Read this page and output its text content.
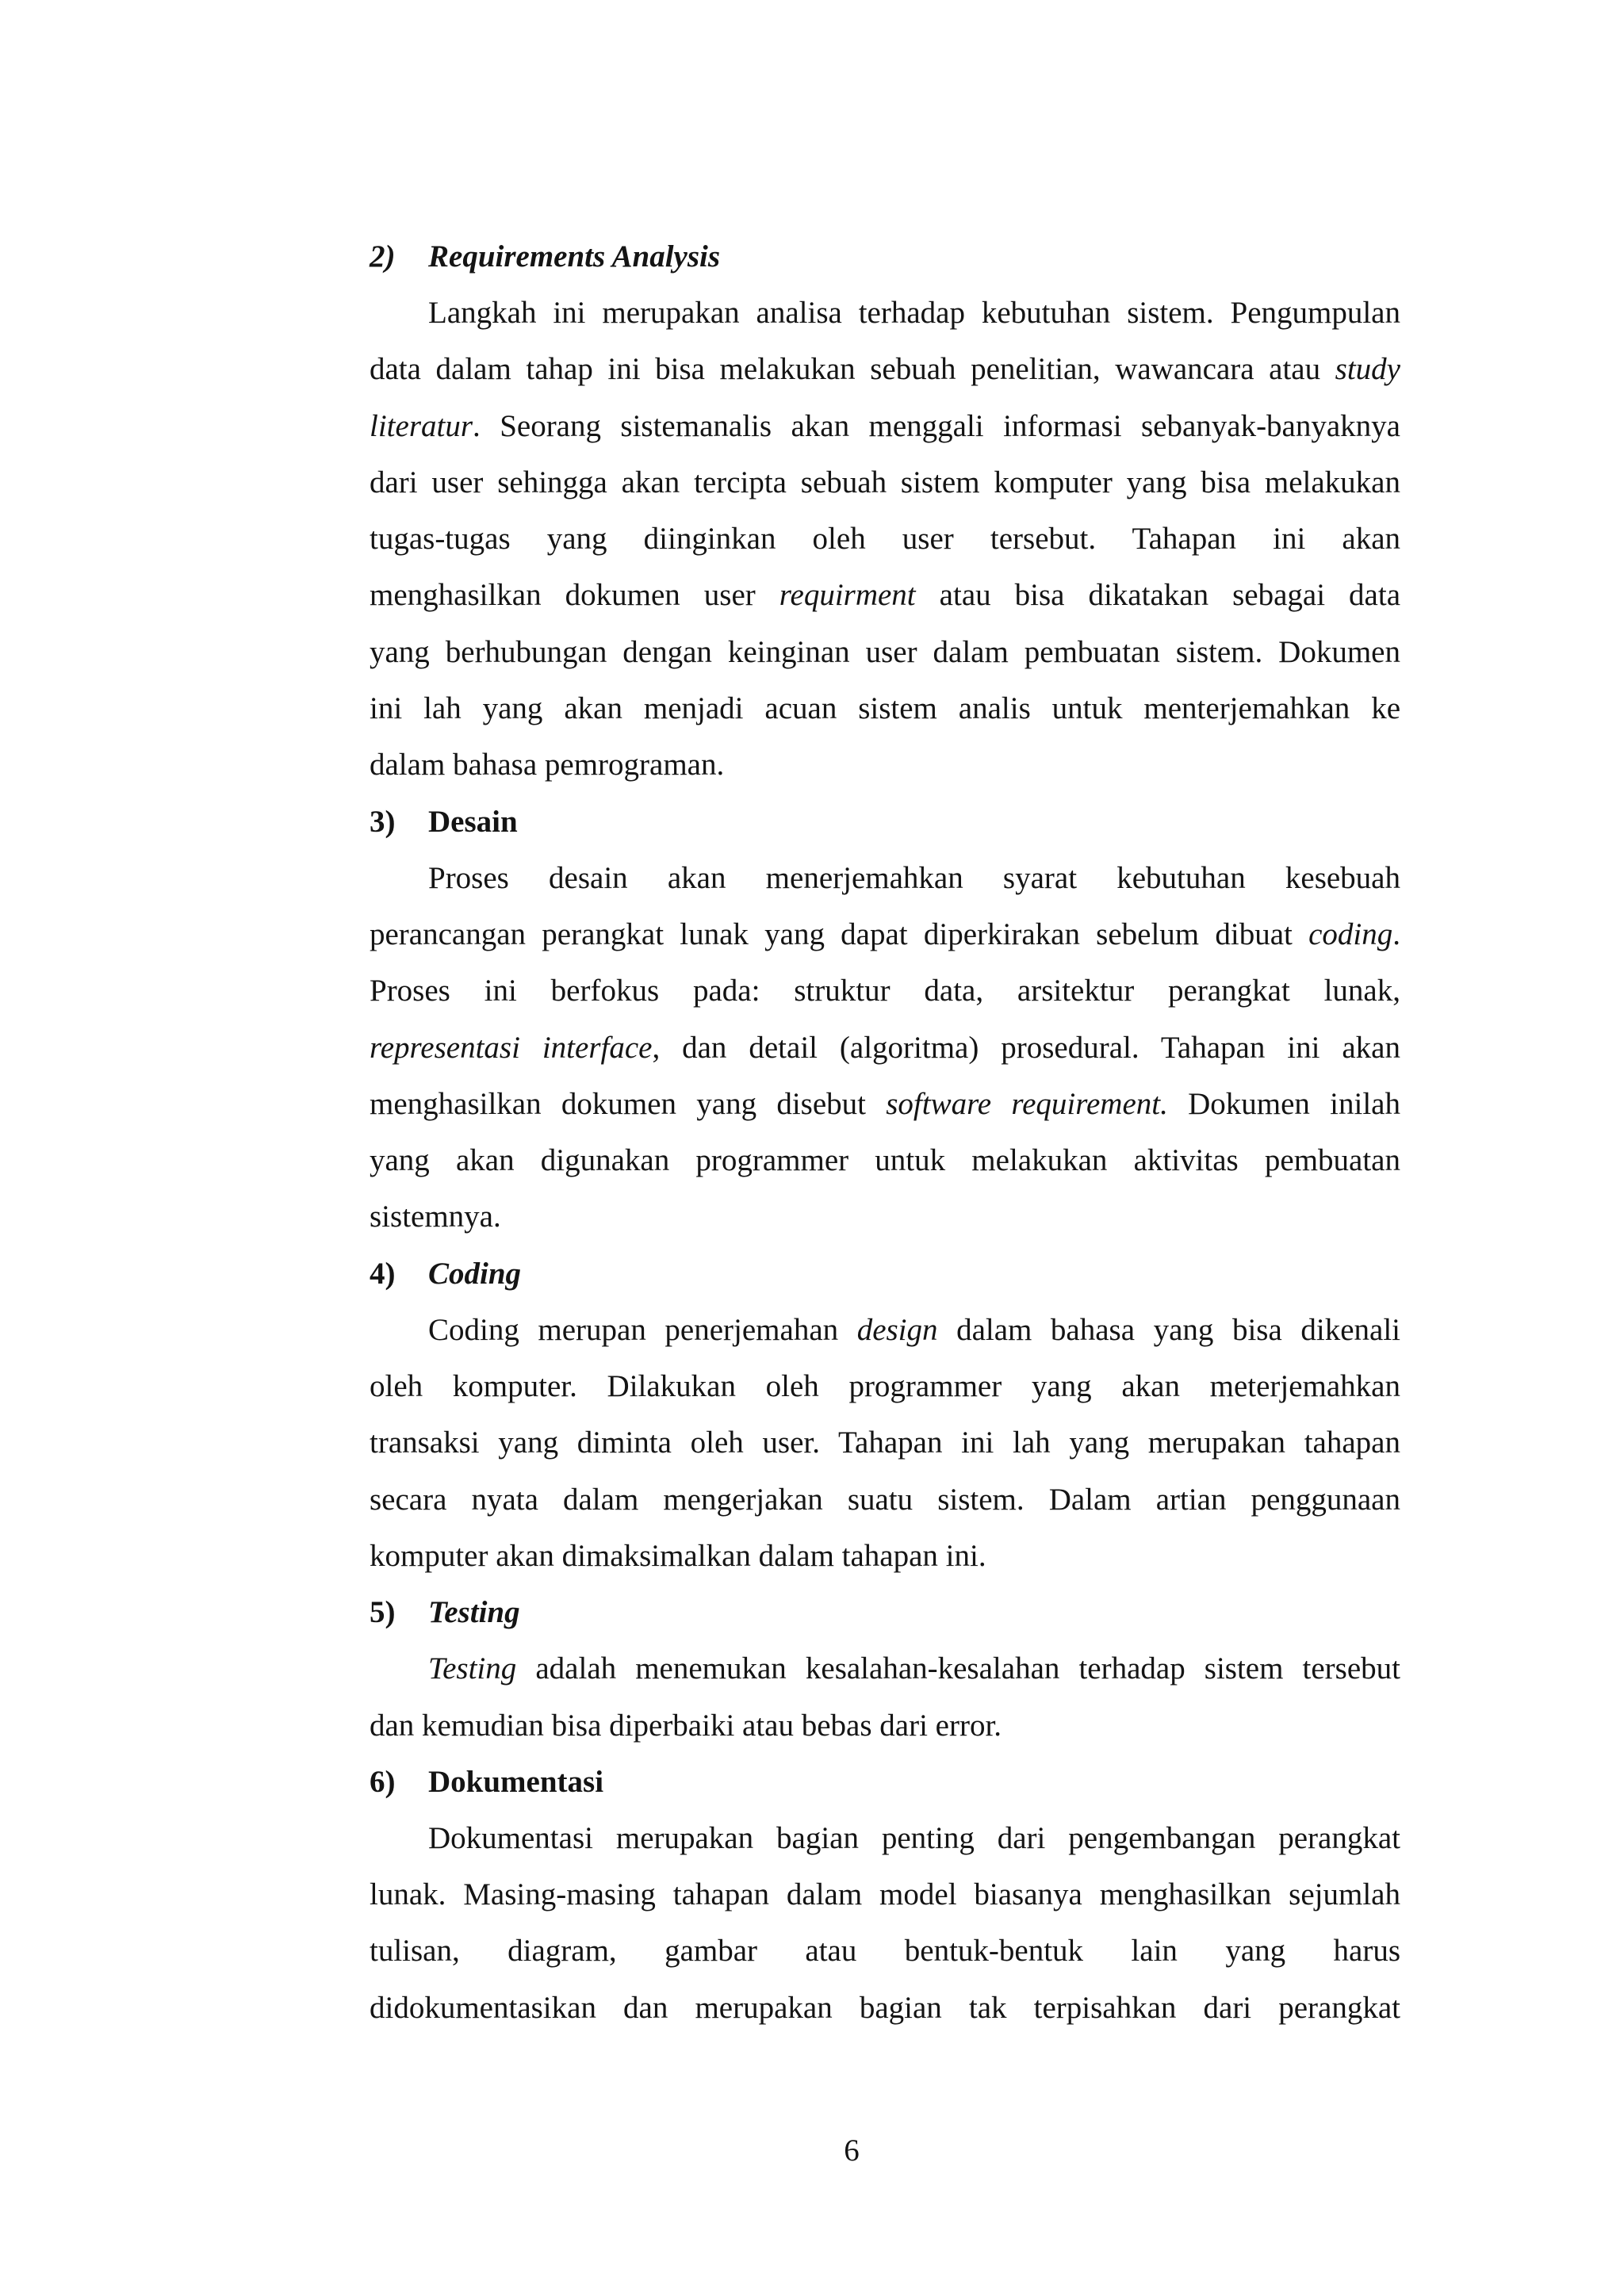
2)	Requirements Analysis
Langkah ini merupakan analisa terhadap kebutuhan sistem. Pengumpulan
data dalam tahap ini bisa melakukan sebuah penelitian, wawancara atau study
literatur. Seorang sistemanalis akan menggali informasi sebanyak-banyaknya
dari user sehingga akan tercipta sebuah sistem komputer yang bisa melakukan
tugas-tugas yang diinginkan oleh user tersebut. Tahapan ini akan
menghasilkan dokumen user requirment atau bisa dikatakan sebagai data
yang berhubungan dengan keinginan user dalam pembuatan sistem. Dokumen
ini lah yang akan menjadi acuan sistem analis untuk menterjemahkan ke
dalam bahasa pemrograman.
3)	Desain
Proses desain akan menerjemahkan syarat kebutuhan kesebuah
perancangan perangkat lunak yang dapat diperkirakan sebelum dibuat coding.
Proses ini berfokus pada: struktur data, arsitektur perangkat lunak,
representasi interface, dan detail (algoritma) prosedural. Tahapan ini akan
menghasilkan dokumen yang disebut software requirement. Dokumen inilah
yang akan digunakan programmer untuk melakukan aktivitas pembuatan
sistemnya.
4)	Coding
Coding merupan penerjemahan design dalam bahasa yang bisa dikenali
oleh komputer. Dilakukan oleh programmer yang akan meterjemahkan
transaksi yang diminta oleh user. Tahapan ini lah yang merupakan tahapan
secara nyata dalam mengerjakan suatu sistem. Dalam artian penggunaan
komputer akan dimaksimalkan dalam tahapan ini.
5)	Testing
Testing adalah menemukan kesalahan-kesalahan terhadap sistem tersebut
dan kemudian bisa diperbaiki atau bebas dari error.
6)	Dokumentasi
Dokumentasi merupakan bagian penting dari pengembangan perangkat
lunak. Masing-masing tahapan dalam model biasanya menghasilkan sejumlah
tulisan, diagram, gambar atau bentuk-bentuk lain yang harus
didokumentasikan dan merupakan bagian tak terpisahkan dari perangkat
6
